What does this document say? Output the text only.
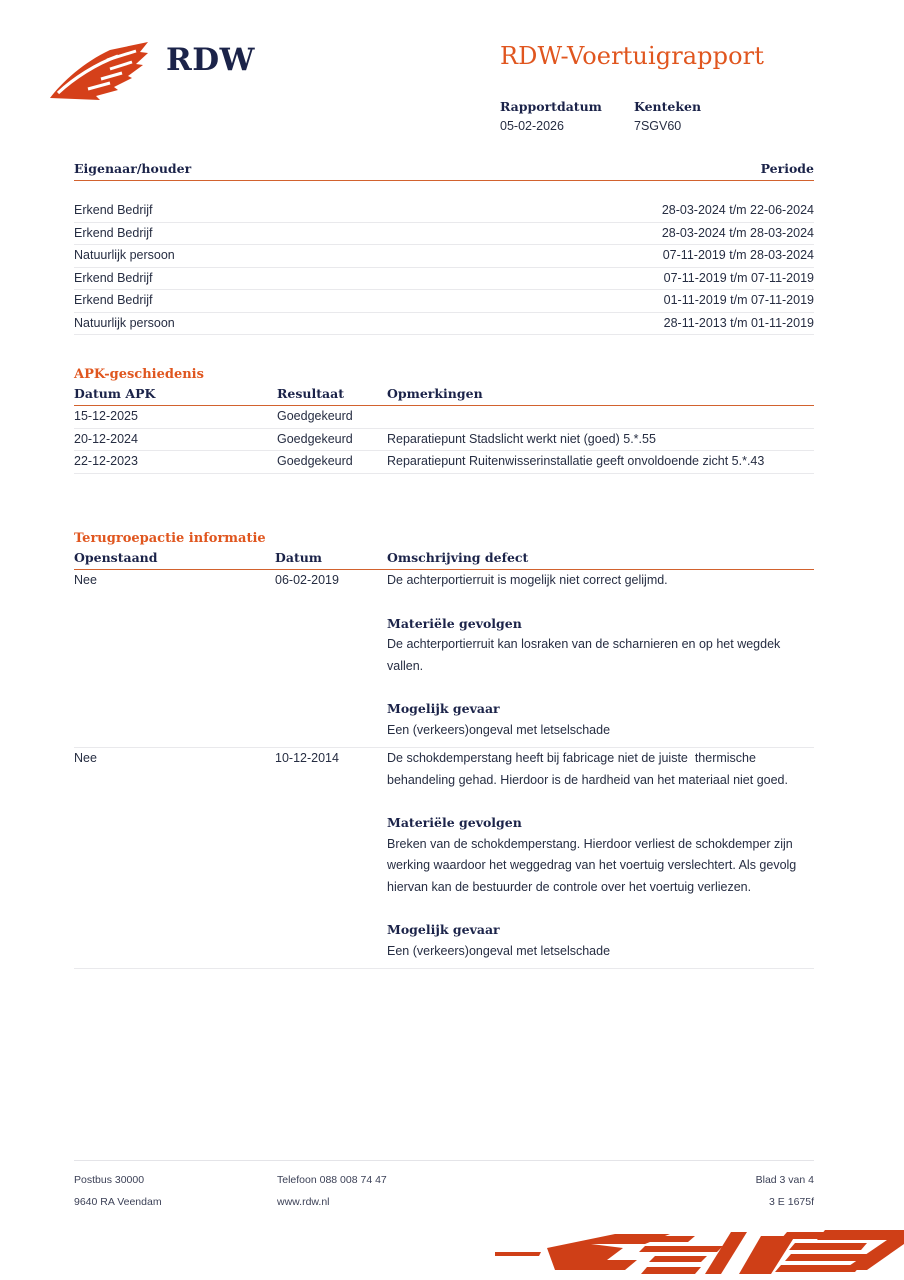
RDW	RDW-Voertuigrapport
Rapportdatum
05-02-2026
Kenteken
7SGV60
Eigenaar/houder	Periode
Erkend Bedrijf	28-03-2024 t/m 22-06-2024
Erkend Bedrijf	28-03-2024 t/m 28-03-2024
Natuurlijk persoon	07-11-2019 t/m 28-03-2024
Erkend Bedrijf	07-11-2019 t/m 07-11-2019
Erkend Bedrijf	01-11-2019 t/m 07-11-2019
Natuurlijk persoon	28-11-2013 t/m 01-11-2019
APK-geschiedenis
Datum APK	Resultaat	Opmerkingen
15-12-2025	Goedgekeurd

20-12-2024	Goedgekeurd	Reparatiepunt Stadslicht werkt niet (goed) 5.*.55
22-12-2023	Goedgekeurd	Reparatiepunt Ruitenwisserinstallatie geeft onvoldoende zicht 5.*.43
Terugroepactie informatie
Openstaand	Datum	Omschrijving defect
Nee	06-02-2019	De achterportierruit is mogelijk niet correct gelijmd.
Materiële gevolgen
De achterportierruit kan losraken van de scharnieren en op het wegdek vallen.
Mogelijk gevaar
Een (verkeers)ongeval met letselschade
Nee	10-12-2014	De schokdemperstang heeft bij fabricage niet de juiste  thermische behandeling gehad. Hierdoor is de hardheid van het materiaal niet goed.
Materiële gevolgen
Breken van de schokdemperstang. Hierdoor verliest de schokdemper zijn werking waardoor het weggedrag van het voertuig verslechtert. Als gevolg hiervan kan de bestuurder de controle over het voertuig verliezen.
Mogelijk gevaar
Een (verkeers)ongeval met letselschade
Postbus 30000	Telefoon 088 008 74 47	Blad 3 van 4
9640 RA Veendam	www.rdw.nl	3 E 1675f
